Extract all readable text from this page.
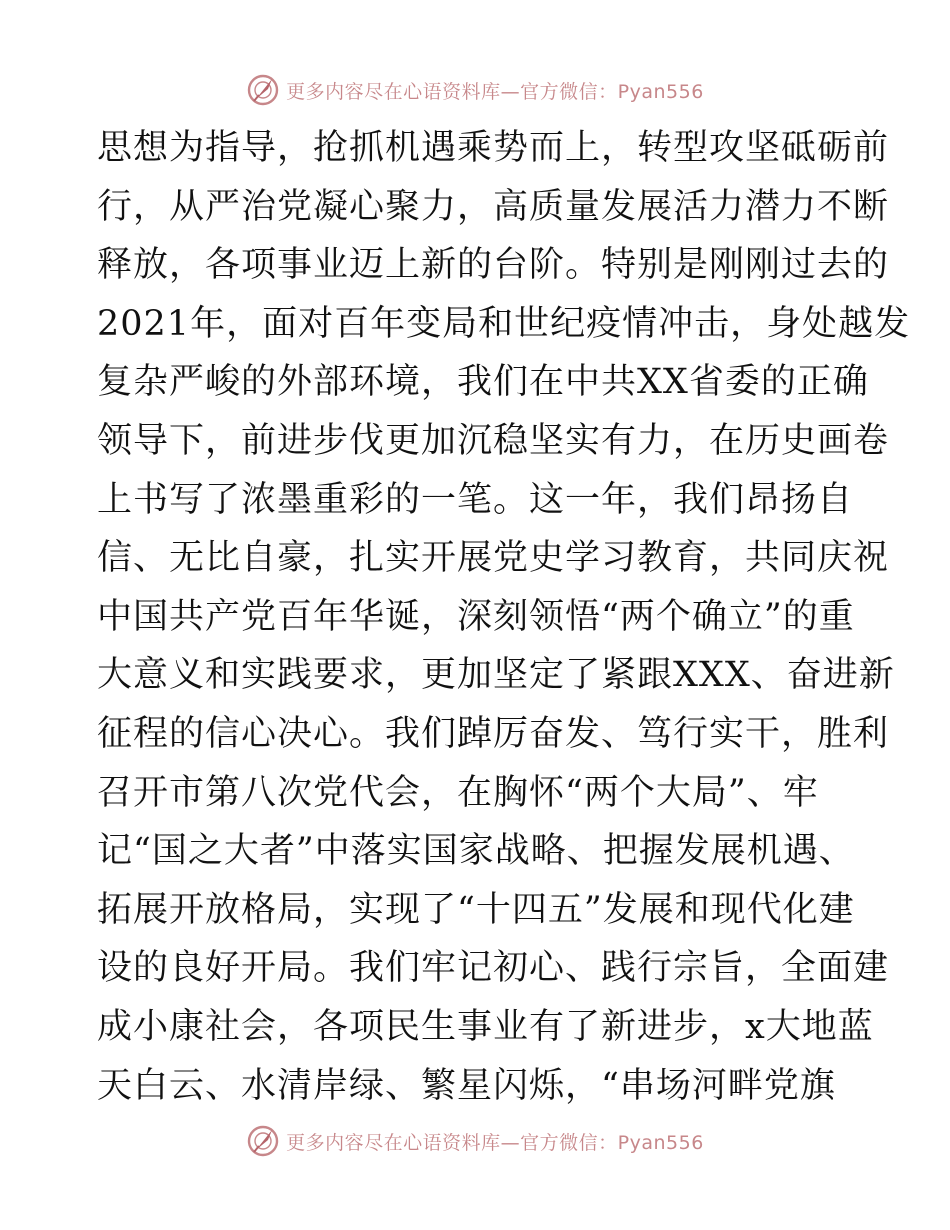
更多内容尽在心语资料库—官方微信：Pyan556
思想为指导，抢抓机遇乘势而上，转型攻坚砥砺前
行，从严治党凝心聚力，高质量发展活力潜力不断
释放，各项事业迈上新的台阶。特别是刚刚过去的
2021年，面对百年变局和世纪疫情冲击，身处越发
复杂严峻的外部环境，我们在中共XX省委的正确
领导下，前进步伐更加沉稳坚实有力，在历史画卷
上书写了浓墨重彩的一笔。这一年，我们昂扬自
信、无比自豪，扎实开展党史学习教育，共同庆祝
中国共产党百年华诞，深刻领悟“两个确立”的重
大意义和实践要求，更加坚定了紧跟XXX、奋进新
征程的信心决心。我们踔厉奋发、笃行实干，胜利
召开市第八次党代会，在胸怀“两个大局”、牢
记“国之大者”中落实国家战略、把握发展机遇、
拓展开放格局，实现了“十四五”发展和现代化建
设的良好开局。我们牢记初心、践行宗旨，全面建
成小康社会，各项民生事业有了新进步，x大地蓝
天白云、水清岸绿、繁星闪烁，“串场河畔党旗
更多内容尽在心语资料库—官方微信：Pyan556
